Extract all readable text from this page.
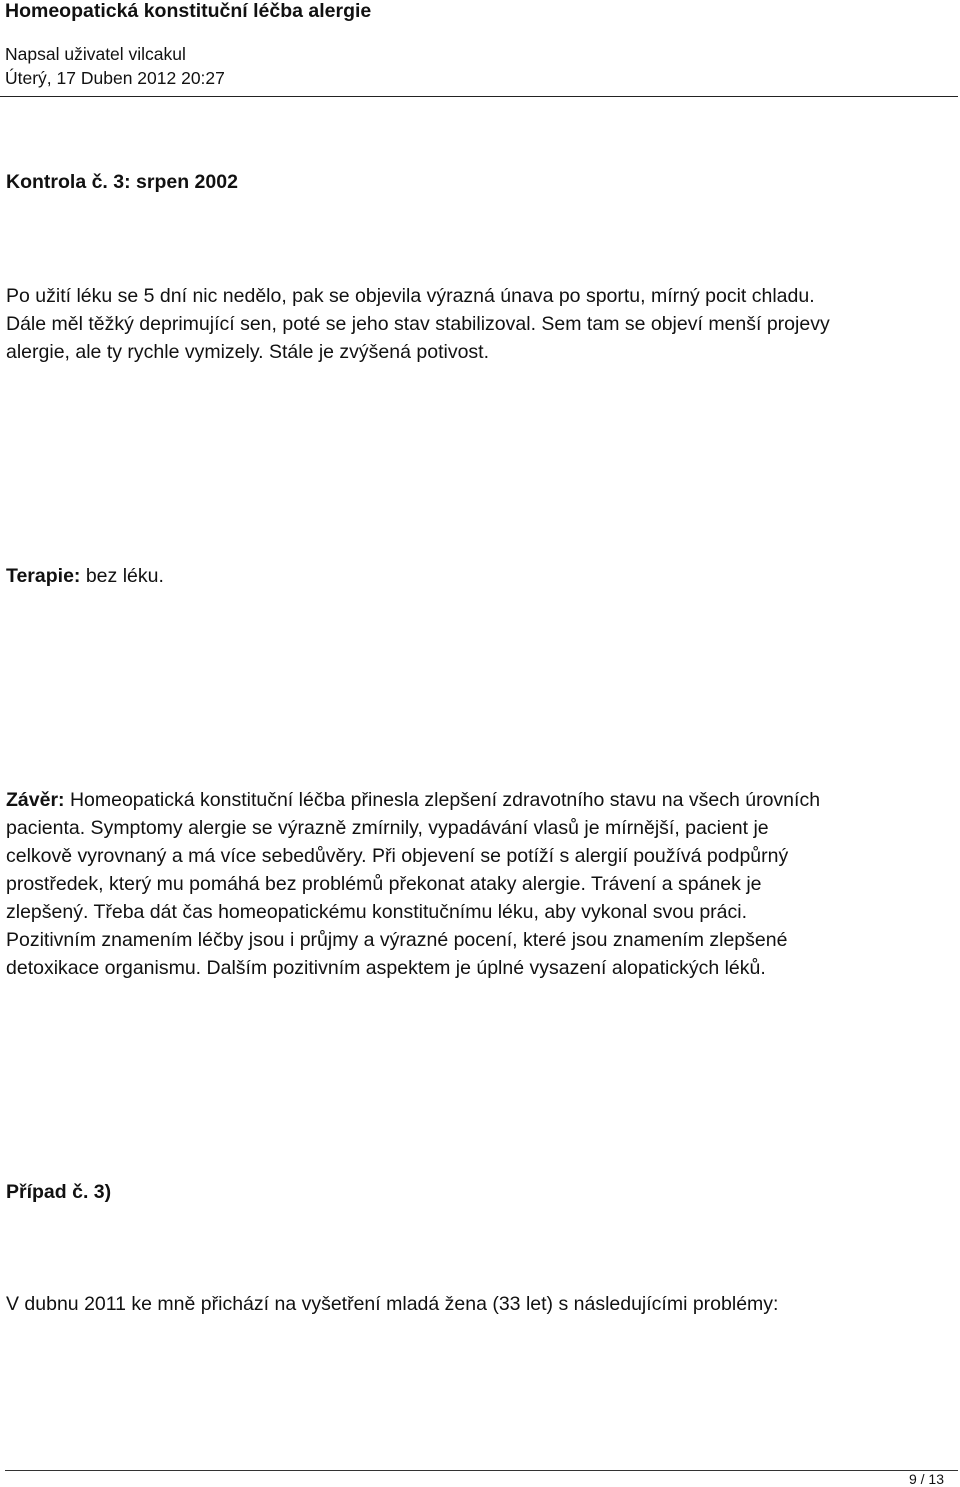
Homeopatická konstituční léčba alergie
Napsal uživatel vilcakul
Úterý, 17 Duben 2012 20:27
Kontrola č. 3: srpen 2002

Po užití léku se 5 dní nic nedělo, pak se objevila výrazná únava po sportu, mírný pocit chladu.

Dále měl těžký deprimující sen, poté se jeho stav stabilizoval. Sem tam se objeví menší projevy

alergie, ale ty rychle vymizely. Stále je zvýšená potivost.

Terapie: bez léku.

Závěr: Homeopatická konstituční léčba přinesla zlepšení zdravotního stavu na všech úrovních

pacienta. Symptomy alergie se výrazně zmírnily, vypadávání vlasů je mírnější, pacient je

celkově vyrovnaný a má více sebedůvěry. Při objevení se potíží s alergií používá podpůrný

prostředek, který mu pomáhá bez problémů překonat ataky alergie. Trávení a spánek je

zlepšený. Třeba dát čas homeopatickému konstitučnímu léku, aby vykonal svou práci.

Pozitivním znamením léčby jsou i průjmy a výrazné pocení, které jsou znamením zlepšené

detoxikace organismu. Dalším pozitivním aspektem je úplné vysazení alopatických léků.

Případ č. 3)
V dubnu 2011 ke mně přichází na vyšetření mladá žena (33 let) s následujícími problémy:
9 / 13
